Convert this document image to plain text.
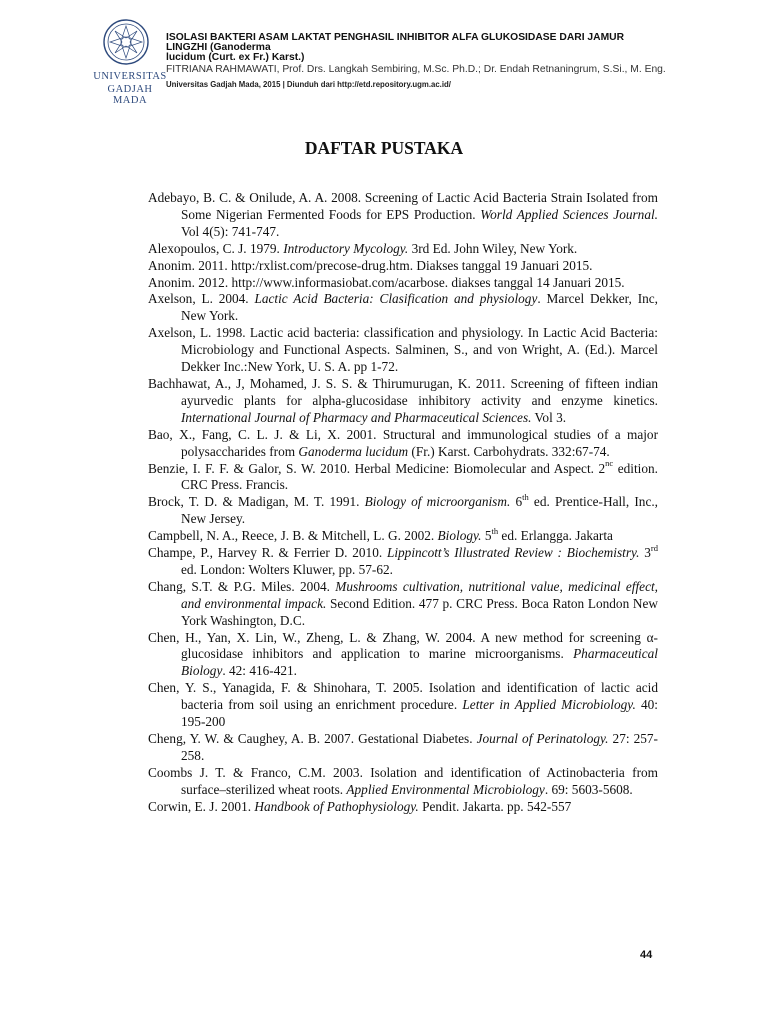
UNIVERSITAS
GADJAH MADA
ISOLASI BAKTERI ASAM LAKTAT PENGHASIL INHIBITOR ALFA GLUKOSIDASE DARI JAMUR
LINGZHI (Ganoderma
lucidum (Curt. ex Fr.) Karst.)
FITRIANA RAHMAWATI, Prof. Drs. Langkah Sembiring, M.Sc. Ph.D.; Dr. Endah Retnaningrum, S.Si., M. Eng.
Universitas Gadjah Mada, 2015 | Diunduh dari http://etd.repository.ugm.ac.id/
DAFTAR PUSTAKA
Adebayo, B. C. & Onilude, A. A. 2008. Screening of Lactic Acid Bacteria Strain Isolated from Some Nigerian Fermented Foods for EPS Production. World Applied Sciences Journal. Vol 4(5): 741-747.
Alexopoulos, C. J. 1979. Introductory Mycology. 3rd Ed. John Wiley, New York.
Anonim. 2011. http:/rxlist.com/precose-drug.htm. Diakses tanggal 19 Januari 2015.
Anonim. 2012. http://www.informasiobat.com/acarbose. diakses tanggal 14 Januari 2015.
Axelson, L. 2004. Lactic Acid Bacteria: Clasification and physiology. Marcel Dekker, Inc, New York.
Axelson, L. 1998. Lactic acid bacteria: classification and physiology. In Lactic Acid Bacteria: Microbiology and Functional Aspects. Salminen, S., and von Wright, A. (Ed.). Marcel Dekker Inc.:New York, U. S. A. pp 1-72.
Bachhawat, A., J, Mohamed, J. S. S. & Thirumurugan, K. 2011. Screening of fifteen indian ayurvedic plants for alpha-glucosidase inhibitory activity and enzyme kinetics. International Journal of Pharmacy and Pharmaceutical Sciences. Vol 3.
Bao, X., Fang, C. L. J. & Li, X. 2001. Structural and immunological studies of a major polysaccharides from Ganoderma lucidum (Fr.) Karst. Carbohydrats. 332:67-74.
Benzie, I. F. F. & Galor, S. W. 2010. Herbal Medicine: Biomolecular and Aspect. $2^{nc}$ edition. CRC Press. Francis.
Brock, T. D. & Madigan, M. T. 1991. Biology of microorganism. 6th ed. Prentice-Hall, Inc., New Jersey.
Campbell, N. A., Reece, J. B. & Mitchell, L. G. 2002. Biology. 5th ed. Erlangga. Jakarta
Champe, P., Harvey R. & Ferrier D. 2010. Lippincott’s Illustrated Review : Biochemistry. 3rd ed. London: Wolters Kluwer, pp. 57-62.
Chang, S.T. & P.G. Miles. 2004. Mushrooms cultivation, nutritional value, medicinal effect, and environmental impack. Second Edition. 477 p. CRC Press. Boca Raton London New York Washington, D.C.
Chen, H., Yan, X. Lin, W., Zheng, L. & Zhang, W. 2004. A new method for screening α-glucosidase inhibitors and application to marine microorganisms. Pharmaceutical Biology. 42: 416-421.
Chen, Y. S., Yanagida, F. & Shinohara, T. 2005. Isolation and identification of lactic acid bacteria from soil using an enrichment procedure. Letter in Applied Microbiology. 40: 195-200
Cheng, Y. W. & Caughey, A. B. 2007. Gestational Diabetes. Journal of Perinatology. 27: 257-258.
Coombs J. T. & Franco, C.M. 2003. Isolation and identification of Actinobacteria from surface–sterilized wheat roots. Applied Environmental Microbiology. 69: 5603-5608.
Corwin, E. J. 2001. Handbook of Pathophysiology. Pendit. Jakarta. pp. 542-557
44
